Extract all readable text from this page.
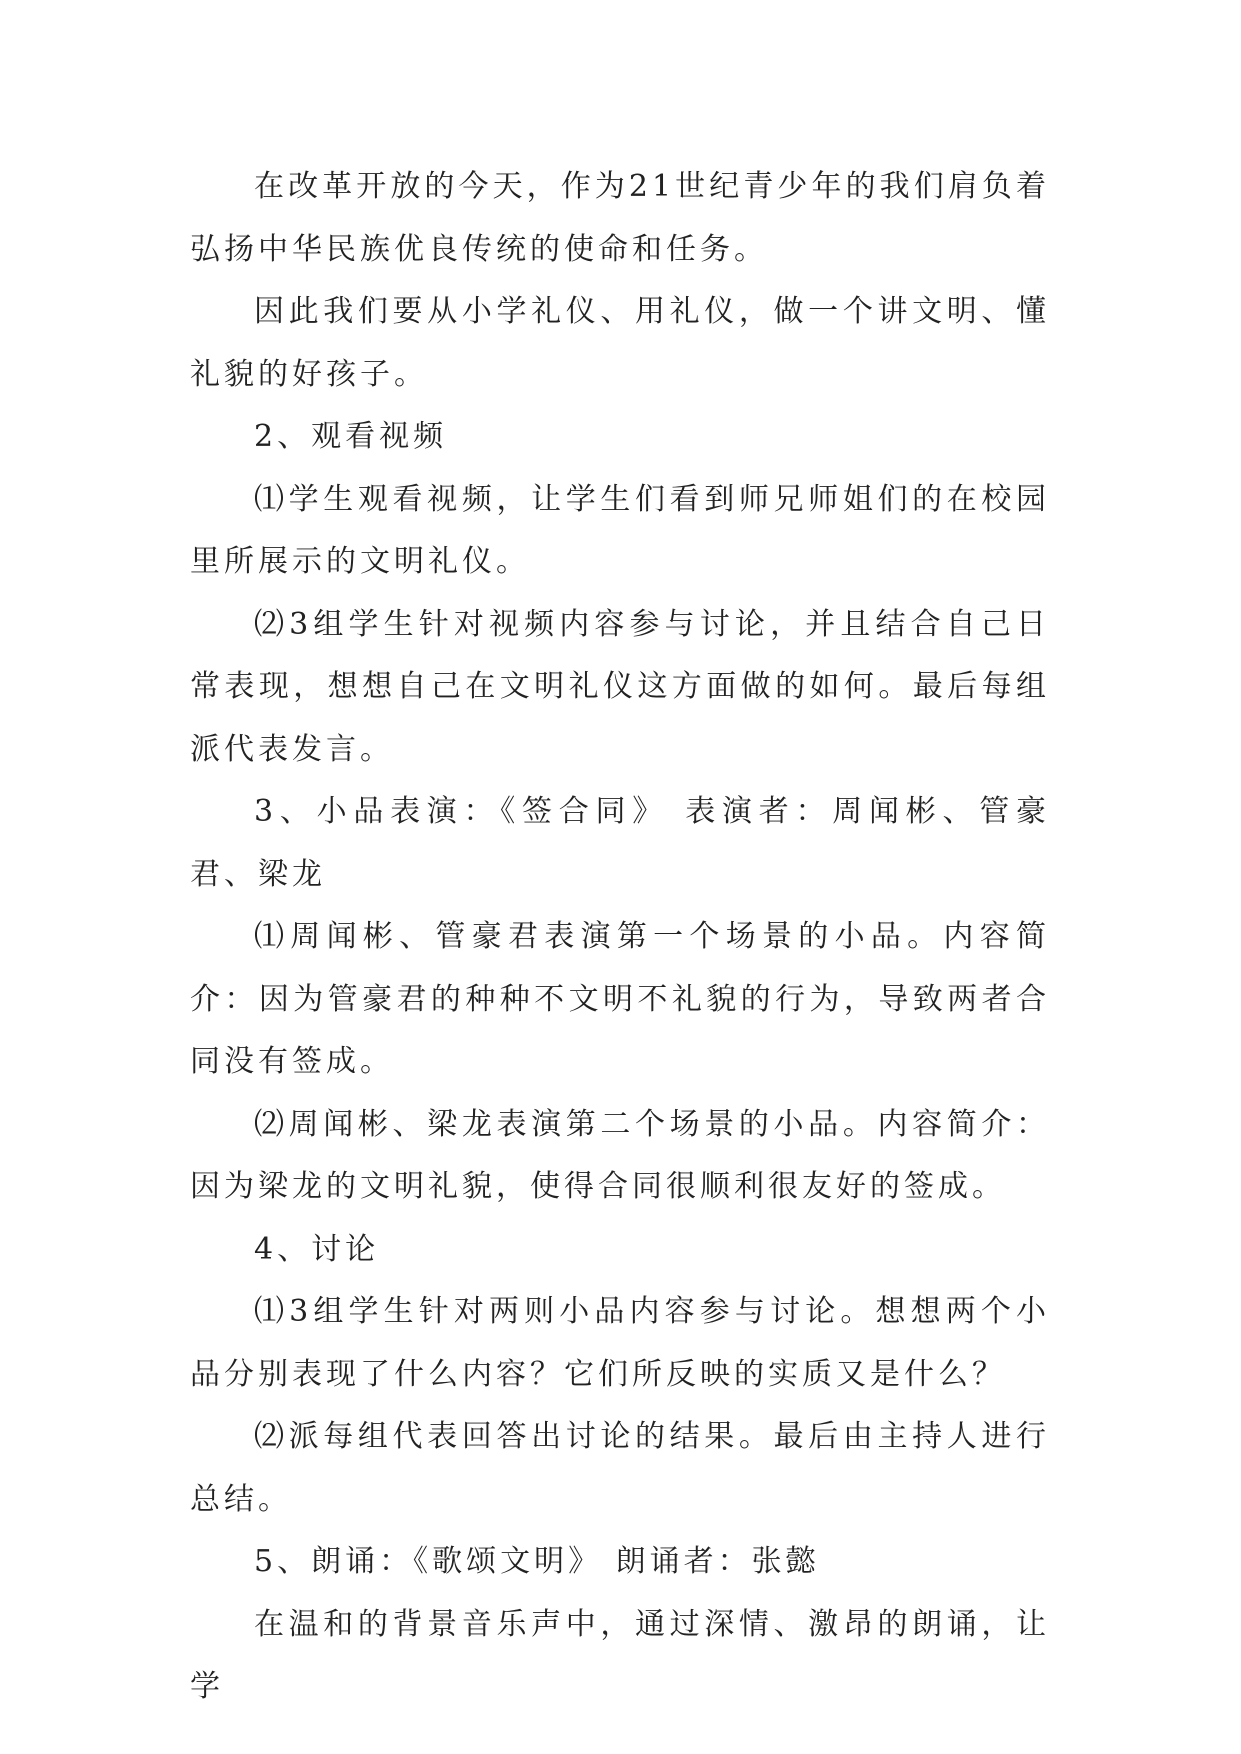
在改革开放的今天，作为21世纪青少年的我们肩负着弘扬中华民族优良传统的使命和任务。

因此我们要从小学礼仪、用礼仪，做一个讲文明、懂礼貌的好孩子。

2、观看视频

⑴学生观看视频，让学生们看到师兄师姐们的在校园里所展示的文明礼仪。

⑵3组学生针对视频内容参与讨论，并且结合自己日常表现，想想自己在文明礼仪这方面做的如何。最后每组派代表发言。

3、小品表演：《签合同》 表演者：周闻彬、管豪君、梁龙

⑴周闻彬、管豪君表演第一个场景的小品。内容简介：因为管豪君的种种不文明不礼貌的行为，导致两者合同没有签成。

⑵周闻彬、梁龙表演第二个场景的小品。内容简介：因为梁龙的文明礼貌，使得合同很顺利很友好的签成。

4、讨论

⑴3组学生针对两则小品内容参与讨论。想想两个小品分别表现了什么内容？它们所反映的实质又是什么？

⑵派每组代表回答出讨论的结果。最后由主持人进行总结。

5、朗诵：《歌颂文明》 朗诵者：张懿

在温和的背景音乐声中，通过深情、激昂的朗诵，让学
